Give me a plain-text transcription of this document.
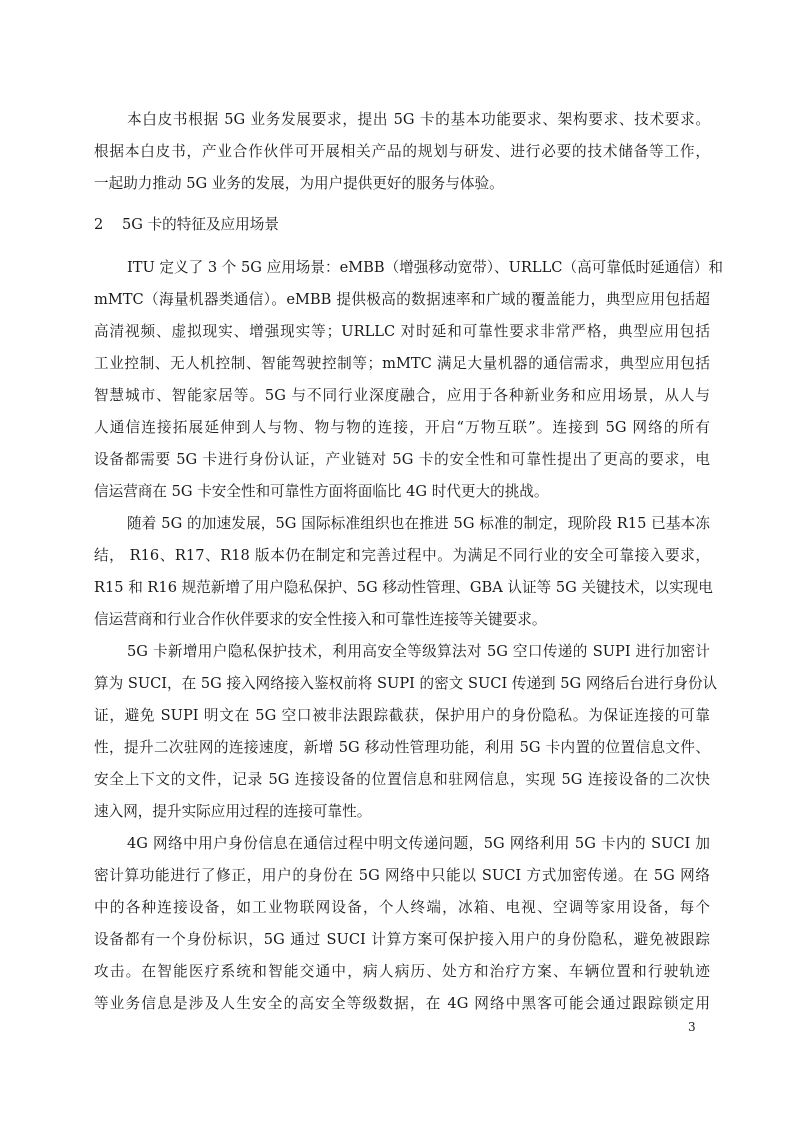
本白皮书根据 5G 业务发展要求，提出 5G 卡的基本功能要求、架构要求、技术要求。
根据本白皮书，产业合作伙伴可开展相关产品的规划与研发、进行必要的技术储备等工作，
一起助力推动 5G 业务的发展，为用户提供更好的服务与体验。
2 5G 卡的特征及应用场景
ITU 定义了 3 个 5G 应用场景：eMBB（增强移动宽带）、URLLC（高可靠低时延通信）和
mMTC（海量机器类通信）。eMBB 提供极高的数据速率和广域的覆盖能力，典型应用包括超
高清视频、虚拟现实、增强现实等；URLLC 对时延和可靠性要求非常严格，典型应用包括
工业控制、无人机控制、智能驾驶控制等；mMTC 满足大量机器的通信需求，典型应用包括
智慧城市、智能家居等。5G 与不同行业深度融合，应用于各种新业务和应用场景，从人与
人通信连接拓展延伸到人与物、物与物的连接，开启“万物互联”。连接到 5G 网络的所有
设备都需要 5G 卡进行身份认证，产业链对 5G 卡的安全性和可靠性提出了更高的要求，电
信运营商在 5G 卡安全性和可靠性方面将面临比 4G 时代更大的挑战。
随着 5G 的加速发展，5G 国际标准组织也在推进 5G 标准的制定，现阶段 R15 已基本冻
结， R16、R17、R18 版本仍在制定和完善过程中。为满足不同行业的安全可靠接入要求，
R15 和 R16 规范新增了用户隐私保护、5G 移动性管理、GBA 认证等 5G 关键技术，以实现电
信运营商和行业合作伙伴要求的安全性接入和可靠性连接等关键要求。
5G 卡新增用户隐私保护技术，利用高安全等级算法对 5G 空口传递的 SUPI 进行加密计
算为 SUCI，在 5G 接入网络接入鉴权前将 SUPI 的密文 SUCI 传递到 5G 网络后台进行身份认
证，避免 SUPI 明文在 5G 空口被非法跟踪截获，保护用户的身份隐私。为保证连接的可靠
性，提升二次驻网的连接速度，新增 5G 移动性管理功能，利用 5G 卡内置的位置信息文件、
安全上下文的文件，记录 5G 连接设备的位置信息和驻网信息，实现 5G 连接设备的二次快
速入网，提升实际应用过程的连接可靠性。
4G 网络中用户身份信息在通信过程中明文传递问题，5G 网络利用 5G 卡内的 SUCI 加
密计算功能进行了修正，用户的身份在 5G 网络中只能以 SUCI 方式加密传递。在 5G 网络
中的各种连接设备，如工业物联网设备，个人终端，冰箱、电视、空调等家用设备，每个
设备都有一个身份标识，5G 通过 SUCI 计算方案可保护接入用户的身份隐私，避免被跟踪
攻击。在智能医疗系统和智能交通中，病人病历、处方和治疗方案、车辆位置和行驶轨迹
等业务信息是涉及人生安全的高安全等级数据，在 4G 网络中黑客可能会通过跟踪锁定用
3
